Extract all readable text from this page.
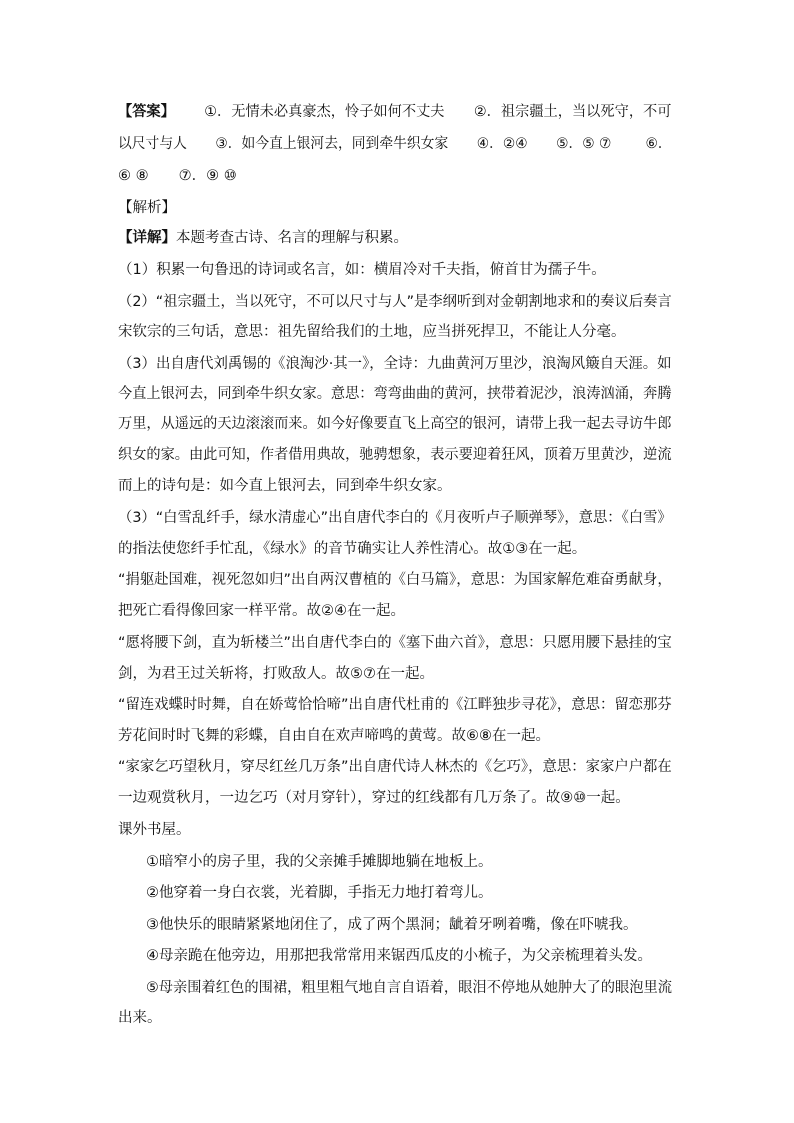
【答案】 ①．无情未必真豪杰，怜子如何不丈夫 ②．祖宗疆土，当以死守，不可
以尺寸与人 ③．如今直上银河去，同到牵牛织女家 ④．②④ ⑤．⑤ ⑦ ⑥．
⑥ ⑧ ⑦．⑨ ⑩
【解析】
【详解】本题考查古诗、名言的理解与积累。
（1）积累一句鲁迅的诗词或名言，如：横眉冷对千夫指，俯首甘为孺子牛。
（2）“祖宗疆土，当以死守，不可以尺寸与人”是李纲听到对金朝割地求和的奏议后奏言
宋钦宗的三句话，意思：祖先留给我们的土地，应当拼死捍卫，不能让人分毫。
（3）出自唐代刘禹锡的《浪淘沙·其一》，全诗：九曲黄河万里沙，浪淘风簸自天涯。如
今直上银河去，同到牵牛织女家。意思：弯弯曲曲的黄河，挟带着泥沙，浪涛汹涌，奔腾
万里，从遥远的天边滚滚而来。如今好像要直飞上高空的银河，请带上我一起去寻访牛郎
织女的家。由此可知，作者借用典故，驰骋想象，表示要迎着狂风，顶着万里黄沙，逆流
而上的诗句是：如今直上银河去，同到牵牛织女家。
（3）“白雪乱纤手，绿水清虚心”出自唐代李白的《月夜听卢子顺弹琴》，意思：《白雪》
的指法使您纤手忙乱，《绿水》的音节确实让人养性清心。故①③在一起。
“捐躯赴国难，视死忽如归”出自两汉曹植的《白马篇》，意思：为国家解危难奋勇献身，
把死亡看得像回家一样平常。故②④在一起。
“愿将腰下剑，直为斩楼兰”出自唐代李白的《塞下曲六首》，意思：只愿用腰下悬挂的宝
剑，为君王过关斩将，打败敌人。故⑤⑦在一起。
“留连戏蝶时时舞，自在娇莺恰恰啼”出自唐代杜甫的《江畔独步寻花》，意思：留恋那芬
芳花间时时飞舞的彩蝶，自由自在欢声啼鸣的黄莺。故⑥⑧在一起。
“家家乞巧望秋月，穿尽红丝几万条”出自唐代诗人林杰的《乞巧》，意思：家家户户都在
一边观赏秋月，一边乞巧（对月穿针），穿过的红线都有几万条了。故⑨⑩一起。
课外书屋。
①暗窄小的房子里，我的父亲摊手摊脚地躺在地板上。
②他穿着一身白衣裳，光着脚，手指无力地打着弯儿。
③他快乐的眼睛紧紧地闭住了，成了两个黑洞；龇着牙咧着嘴，像在吓唬我。
④母亲跪在他旁边，用那把我常常用来锯西瓜皮的小梳子，为父亲梳理着头发。
⑤母亲围着红色的围裙，粗里粗气地自言自语着，眼泪不停地从她肿大了的眼泡里流
出来。
